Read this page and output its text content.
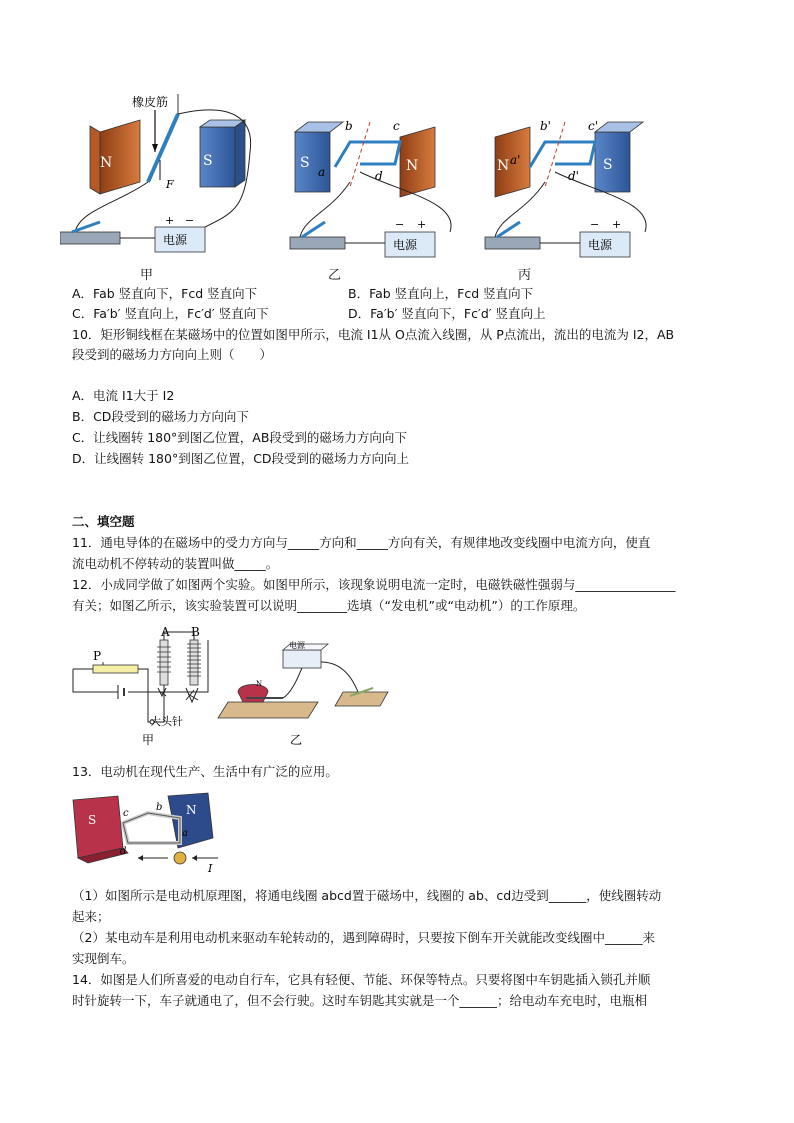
N	S
橡皮筋
F
电源
+ −
S	N
b	c
a	d
电源
− +
N	S
b'	c'
a'
d'
电源
− +
甲	乙	丙
A．Fab 竖直向下，Fcd 竖直向下	B．Fab 竖直向上，Fcd 竖直向下
C．Fa′b′ 竖直向上，Fc′d′ 竖直向下	D．Fa′b′ 竖直向下，Fc′d′ 竖直向上
10．矩形铜线框在某磁场中的位置如图甲所示，电流 I1从 O点流入线圈，从 P点流出，流出的电流为 I2，AB
段受到的磁场力方向向上则（　　）
A．电流 I1大于 I2
B．CD段受到的磁场力方向向下
C．让线圈转 180°到图乙位置，AB段受到的磁场力方向向下
D．让线圈转 180°到图乙位置，CD段受到的磁场力方向向上
二、填空题
11．通电导体的在磁场中的受力方向与_____方向和_____方向有关，有规律地改变线圈中电流方向，使直
流电动机不停转动的装置叫做_____。
12．小成同学做了如图两个实验。如图甲所示，该现象说明电流一定时，电磁铁磁性强弱与________________
有关；如图乙所示，该实验装置可以说明________选填（“发电机”或“电动机”）的工作原理。
A B
P
大头针
甲
电源
N
乙
13．电动机在现代生产、生活中有广泛的应用。
S
N
c
b
a
d
I
（1）如图所示是电动机原理图，将通电线圈 abcd置于磁场中，线圈的 ab、cd边受到______，使线圈转动
起来；
（2）某电动车是利用电动机来驱动车轮转动的，遇到障碍时，只要按下倒车开关就能改变线圈中______来
实现倒车。
14．如图是人们所喜爱的电动自行车，它具有轻便、节能、环保等特点。只要将图中车钥匙插入锁孔并顺
时针旋转一下，车子就通电了，但不会行驶。这时车钥匙其实就是一个______；给电动车充电时，电瓶相
